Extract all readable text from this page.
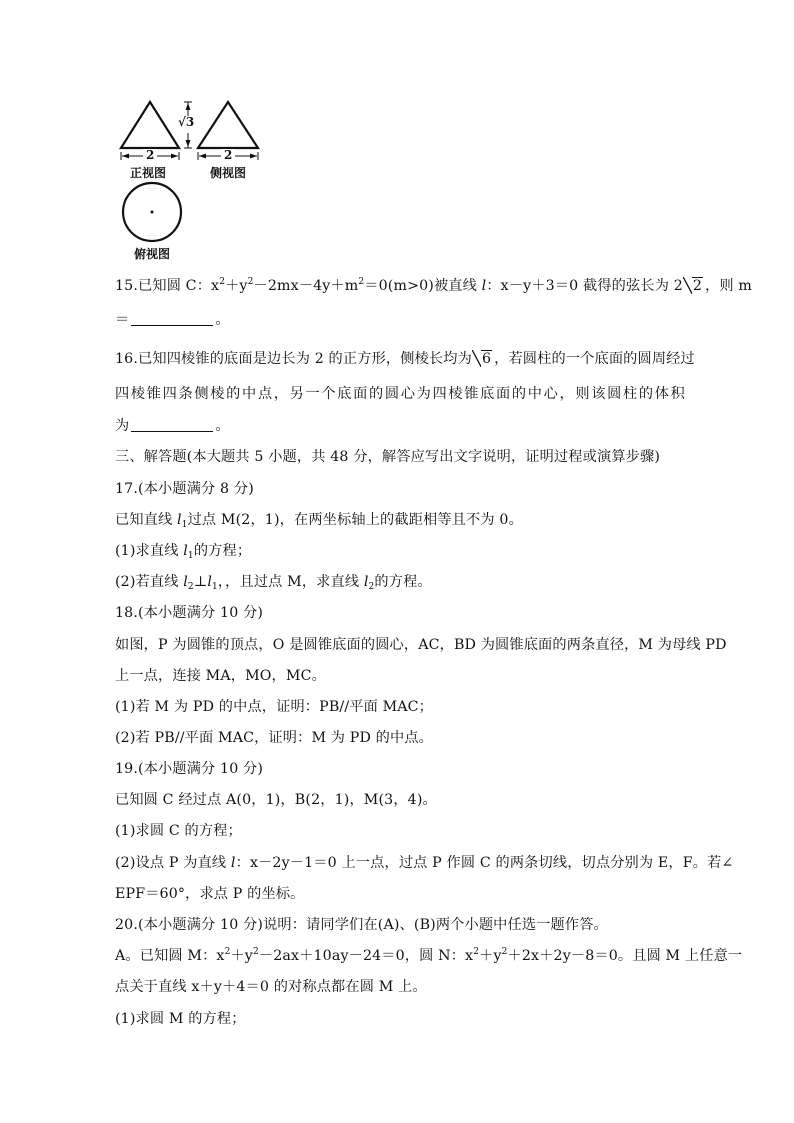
√3
2	2
正视图	侧视图
俯视图
15.已知圆 C：$x^2+y^2-2mx-4y+m^2=0(m>0)$被直线 l：x－y＋3＝0 截得的弦长为 2 2 ，则 m
＝	。
16.已知四棱锥的底面是边长为 2 的正方形，侧棱长均为 6 ，若圆柱的一个底面的圆周经过
四棱锥四条侧棱的中点，另一个底面的圆心为四棱锥底面的中心，则该圆柱的体积
为	。
三、解答题(本大题共 5 小题，共 48 分，解答应写出文字说明，证明过程或演算步骤)
17.(本小题满分 8 分)
已知直线 $l_1$过点 M(2，1)，在两坐标轴上的截距相等且不为 0。
(1)求直线 $l_1$的方程；
(2)若直线 $l_2\perp l_1$，，且过点 M，求直线 $l_2$的方程。
18.(本小题满分 10 分)
如图，P 为圆锥的顶点，O 是圆锥底面的圆心，AC，BD 为圆锥底面的两条直径，M 为母线 PD
上一点，连接 MA，MO，MC。
(1)若 M 为 PD 的中点，证明：PB//平面 MAC；
(2)若 PB//平面 MAC，证明：M 为 PD 的中点。
19.(本小题满分 10 分)
已知圆 C 经过点 A(0，1)，B(2，1)，M(3，4)。
(1)求圆 C 的方程；
(2)设点 P 为直线 l：x－2y－1＝0 上一点，过点 P 作圆 C 的两条切线，切点分别为 E，F。若∠
EPF＝60°，求点 P 的坐标。
20.(本小题满分 10 分)说明：请同学们在(A)、(B)两个小题中任选一题作答。
A。已知圆 M：$x^2+y^2-2ax+10ay-24=0$，圆 N：$x^2+y^2+2x+2y-8=0$。且圆 M 上任意一
点关于直线 x＋y＋4＝0 的对称点都在圆 M 上。
(1)求圆 M 的方程；
